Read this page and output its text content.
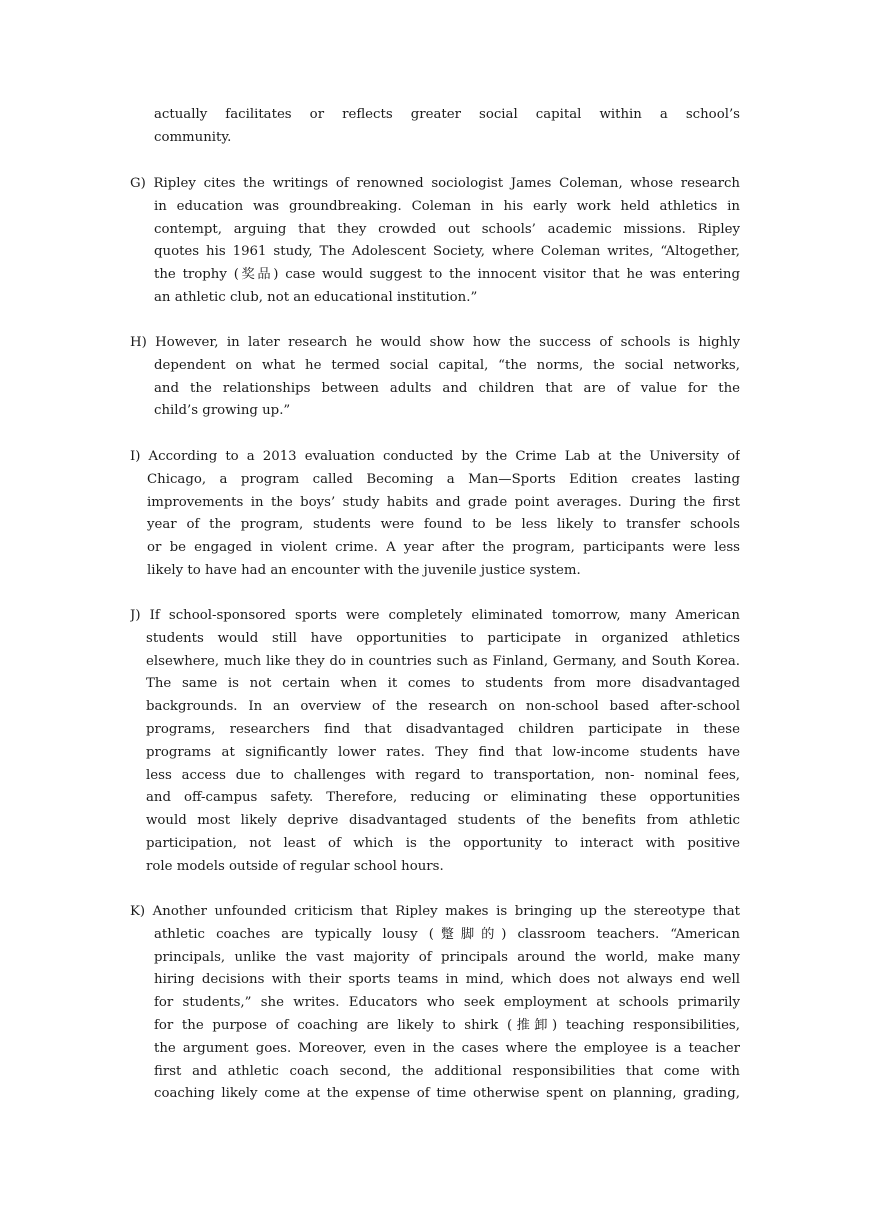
actually facilitates or reflects greater social capital within a school’s
community.
G) Ripley cites the writings of renowned sociologist James Coleman, whose research
in education was groundbreaking. Coleman in his early work held athletics in
contempt, arguing that they crowded out schools’ academic missions. Ripley
quotes his 1961 study, The Adolescent Society, where Coleman writes, “Altogether,
the trophy (奖品) case would suggest to the innocent visitor that he was entering
an athletic club, not an educational institution.”
H) However, in later research he would show how the success of schools is highly
dependent on what he termed social capital, “the norms, the social networks,
and the relationships between adults and children that are of value for the
child’s growing up.”
I) According to a 2013 evaluation conducted by the Crime Lab at the University of
Chicago, a program called Becoming a Man—Sports Edition creates lasting
improvements in the boys’ study habits and grade point averages. During the first
year of the program, students were found to be less likely to transfer schools
or be engaged in violent crime. A year after the program, participants were less
likely to have had an encounter with the juvenile justice system.
J) If school-sponsored sports were completely eliminated tomorrow, many American
students would still have opportunities to participate in organized athletics
elsewhere, much like they do in countries such as Finland, Germany, and South Korea.
The same is not certain when it comes to students from more disadvantaged
backgrounds. In an overview of the research on non-school based after-school
programs, researchers find that disadvantaged children participate in these
programs at significantly lower rates. They find that low-income students have
less access due to challenges with regard to transportation, non- nominal fees,
and off-campus safety. Therefore, reducing or eliminating these opportunities
would most likely deprive disadvantaged students of the benefits from athletic
participation, not least of which is the opportunity to interact with positive
role models outside of regular school hours.
K) Another unfounded criticism that Ripley makes is bringing up the stereotype that
athletic coaches are typically lousy (蹩脚的) classroom teachers. “American
principals, unlike the vast majority of principals around the world, make many
hiring decisions with their sports teams in mind, which does not always end well
for students,” she writes. Educators who seek employment at schools primarily
for the purpose of coaching are likely to shirk (推卸) teaching responsibilities,
the argument goes. Moreover, even in the cases where the employee is a teacher
first and athletic coach second, the additional responsibilities that come with
coaching likely come at the expense of time otherwise spent on planning, grading,
